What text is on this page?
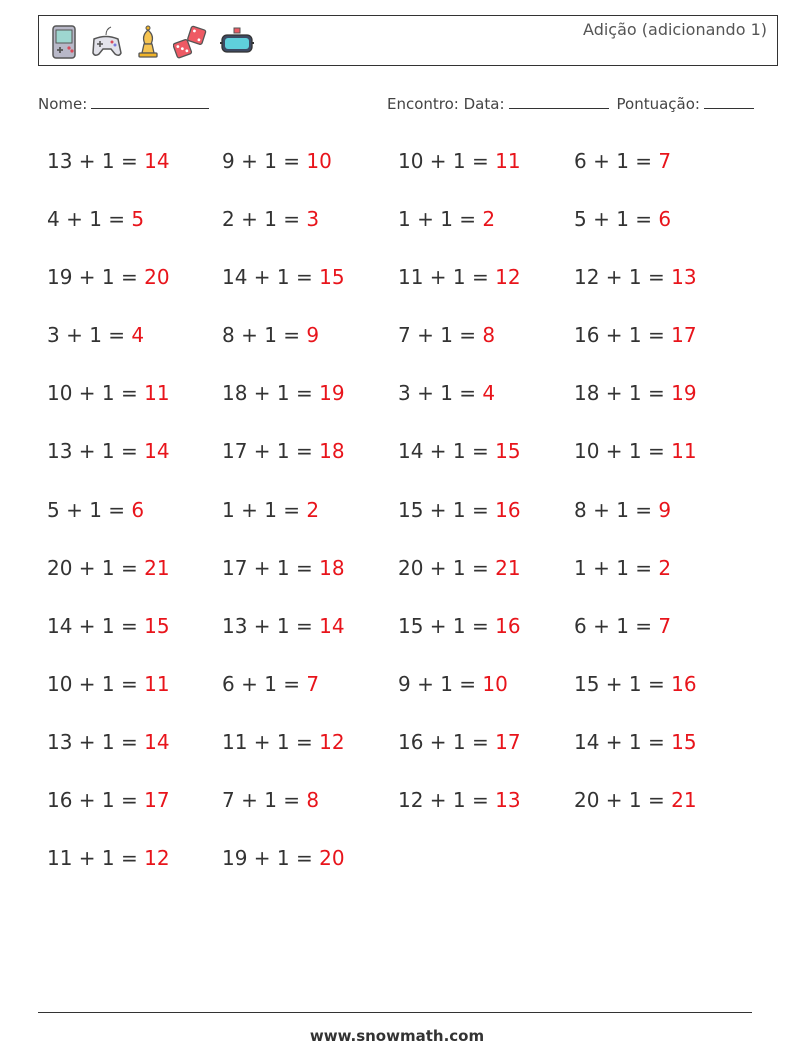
Adição (adicionando 1)
Nome:	Encontro: Data:	Pontuação:
13 + 1 = 14	9 + 1 = 10	10 + 1 = 11	6 + 1 = 7
4 + 1 = 5	2 + 1 = 3	1 + 1 = 2	5 + 1 = 6
19 + 1 = 20	14 + 1 = 15	11 + 1 = 12	12 + 1 = 13
3 + 1 = 4	8 + 1 = 9	7 + 1 = 8	16 + 1 = 17
10 + 1 = 11	18 + 1 = 19	3 + 1 = 4	18 + 1 = 19
13 + 1 = 14	17 + 1 = 18	14 + 1 = 15	10 + 1 = 11
5 + 1 = 6	1 + 1 = 2	15 + 1 = 16	8 + 1 = 9
20 + 1 = 21	17 + 1 = 18	20 + 1 = 21	1 + 1 = 2
14 + 1 = 15	13 + 1 = 14	15 + 1 = 16	6 + 1 = 7
10 + 1 = 11	6 + 1 = 7	9 + 1 = 10	15 + 1 = 16
13 + 1 = 14	11 + 1 = 12	16 + 1 = 17	14 + 1 = 15
16 + 1 = 17	7 + 1 = 8	12 + 1 = 13	20 + 1 = 21
11 + 1 = 12	19 + 1 = 20
www.snowmath.com
